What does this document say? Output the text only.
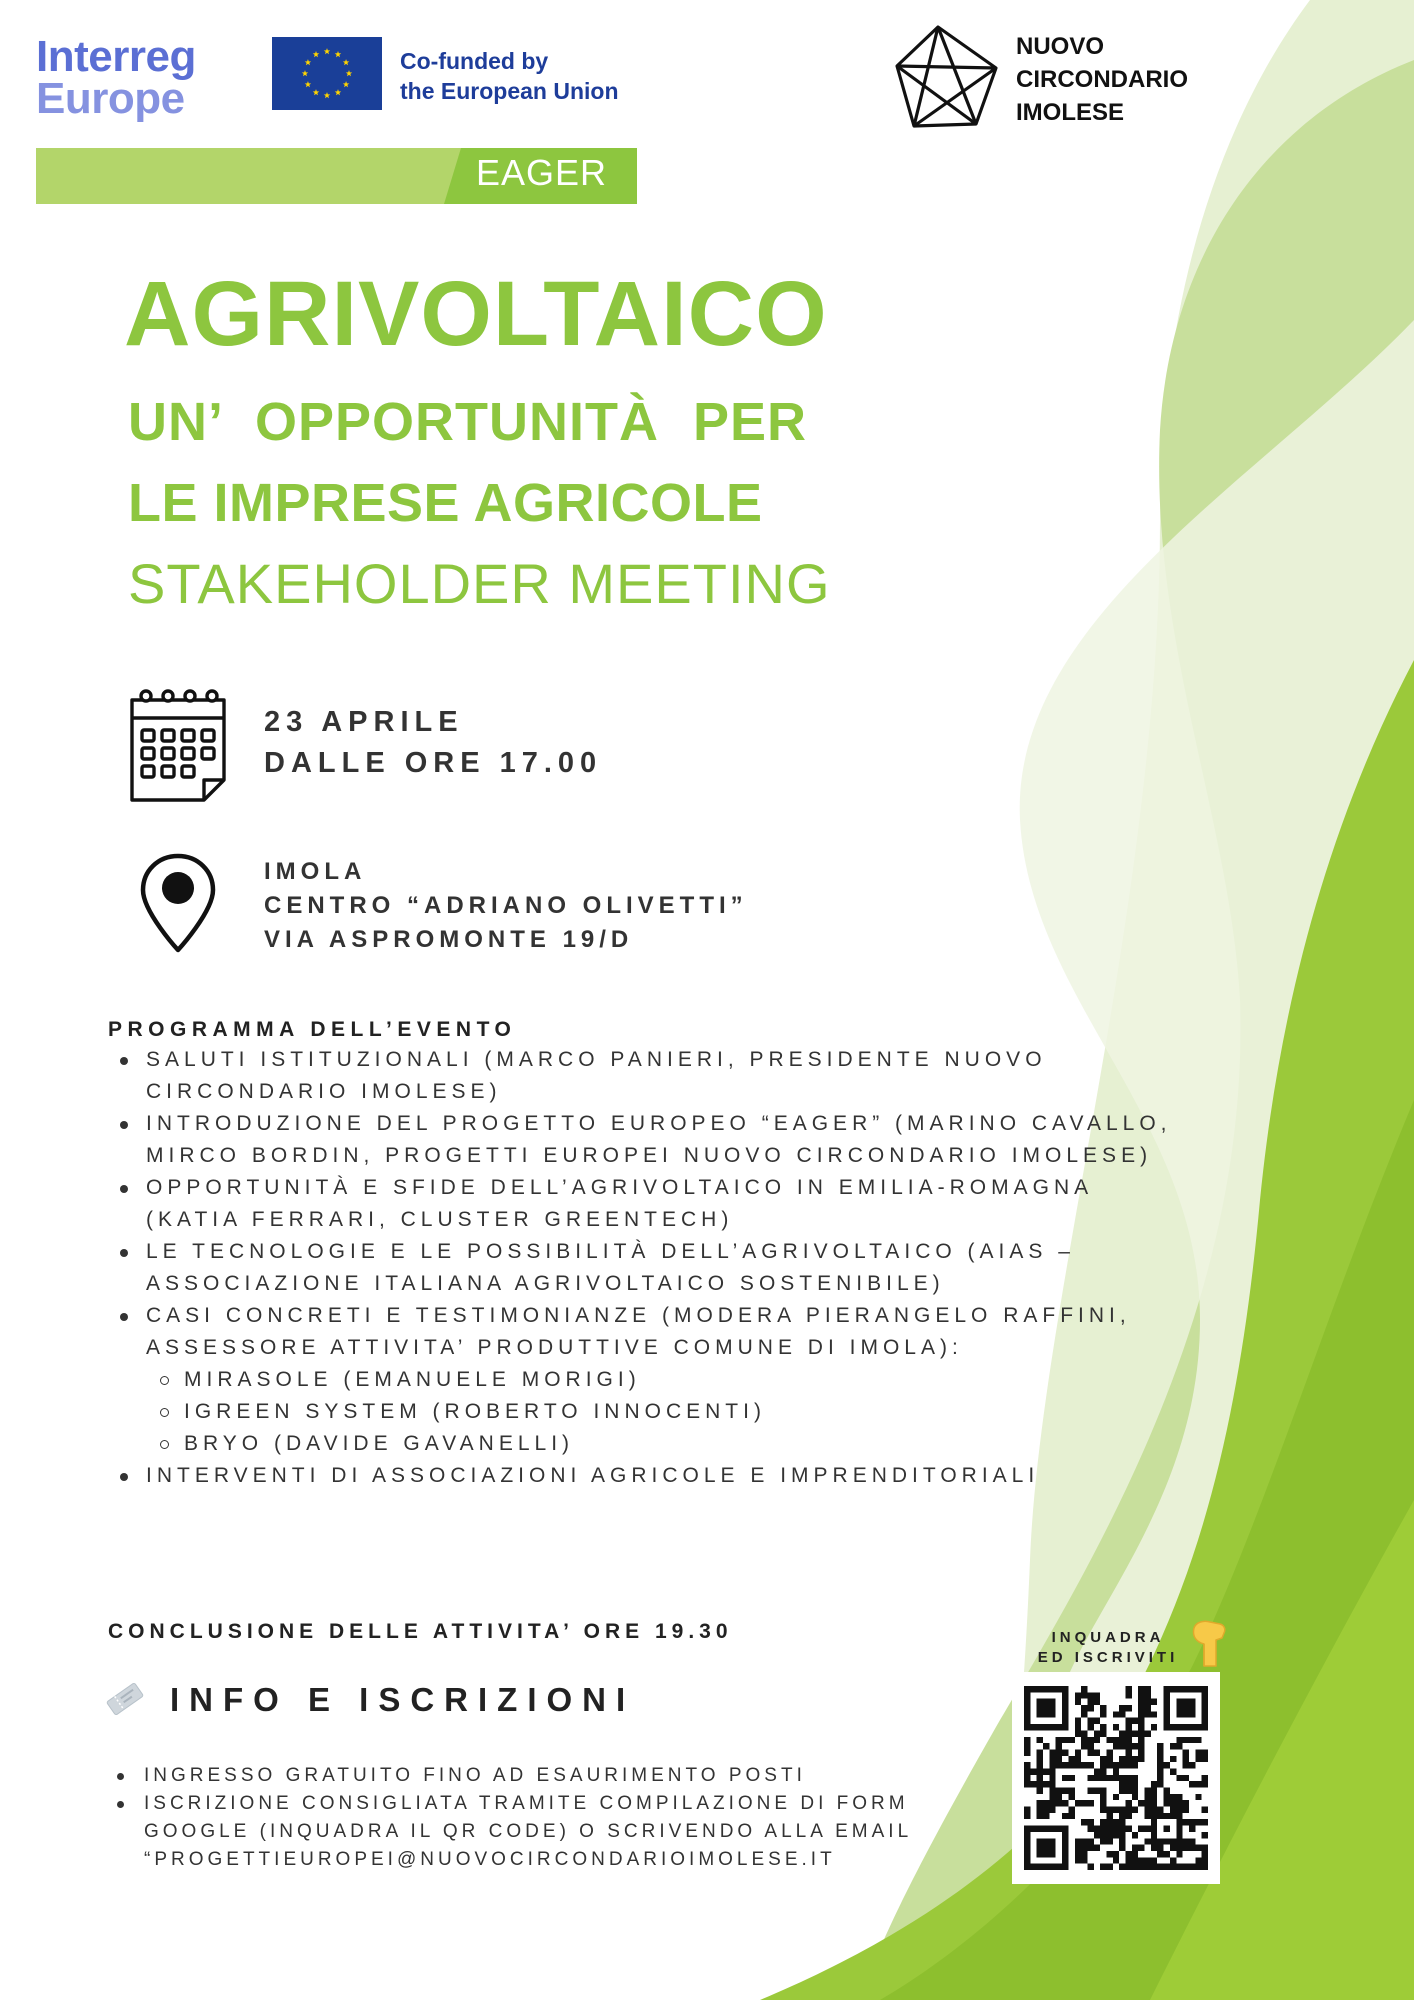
Interreg
Europe
Co-funded by
the European Union
NUOVO
CIRCONDARIO
IMOLESE
EAGER
AGRIVOLTAICO
UN’ OPPORTUNITÀ PER
LE IMPRESE AGRICOLE
STAKEHOLDER MEETING
23 APRILE
DALLE ORE 17.00
IMOLA
CENTRO “ADRIANO OLIVETTI”
VIA ASPROMONTE 19/D
PROGRAMMA DELL’EVENTO
SALUTI ISTITUZIONALI (MARCO PANIERI, PRESIDENTE NUOVO CIRCONDARIO IMOLESE)
INTRODUZIONE DEL PROGETTO EUROPEO “EAGER” (MARINO CAVALLO, MIRCO BORDIN, PROGETTI EUROPEI NUOVO CIRCONDARIO IMOLESE)
OPPORTUNITÀ E SFIDE DELL’AGRIVOLTAICO IN EMILIA-ROMAGNA (KATIA FERRARI, CLUSTER GREENTECH)
LE TECNOLOGIE E LE POSSIBILITÀ DELL’AGRIVOLTAICO (AIAS – ASSOCIAZIONE ITALIANA AGRIVOLTAICO SOSTENIBILE)
CASI CONCRETI E TESTIMONIANZE (MODERA PIERANGELO RAFFINI, ASSESSORE ATTIVITA’ PRODUTTIVE COMUNE DI IMOLA):
MIRASOLE (EMANUELE MORIGI)
IGREEN SYSTEM (ROBERTO INNOCENTI)
BRYO (DAVIDE GAVANELLI)
INTERVENTI DI ASSOCIAZIONI AGRICOLE E IMPRENDITORIALI
CONCLUSIONE DELLE ATTIVITA’ ORE 19.30
INFO E ISCRIZIONI
INGRESSO GRATUITO FINO AD ESAURIMENTO POSTI
ISCRIZIONE CONSIGLIATA TRAMITE COMPILAZIONE DI FORM GOOGLE (INQUADRA IL QR CODE) O SCRIVENDO ALLA EMAIL “PROGETTIEUROPEI@NUOVOCIRCONDARIOIMOLESE.IT
INQUADRA
ED ISCRIVITI
